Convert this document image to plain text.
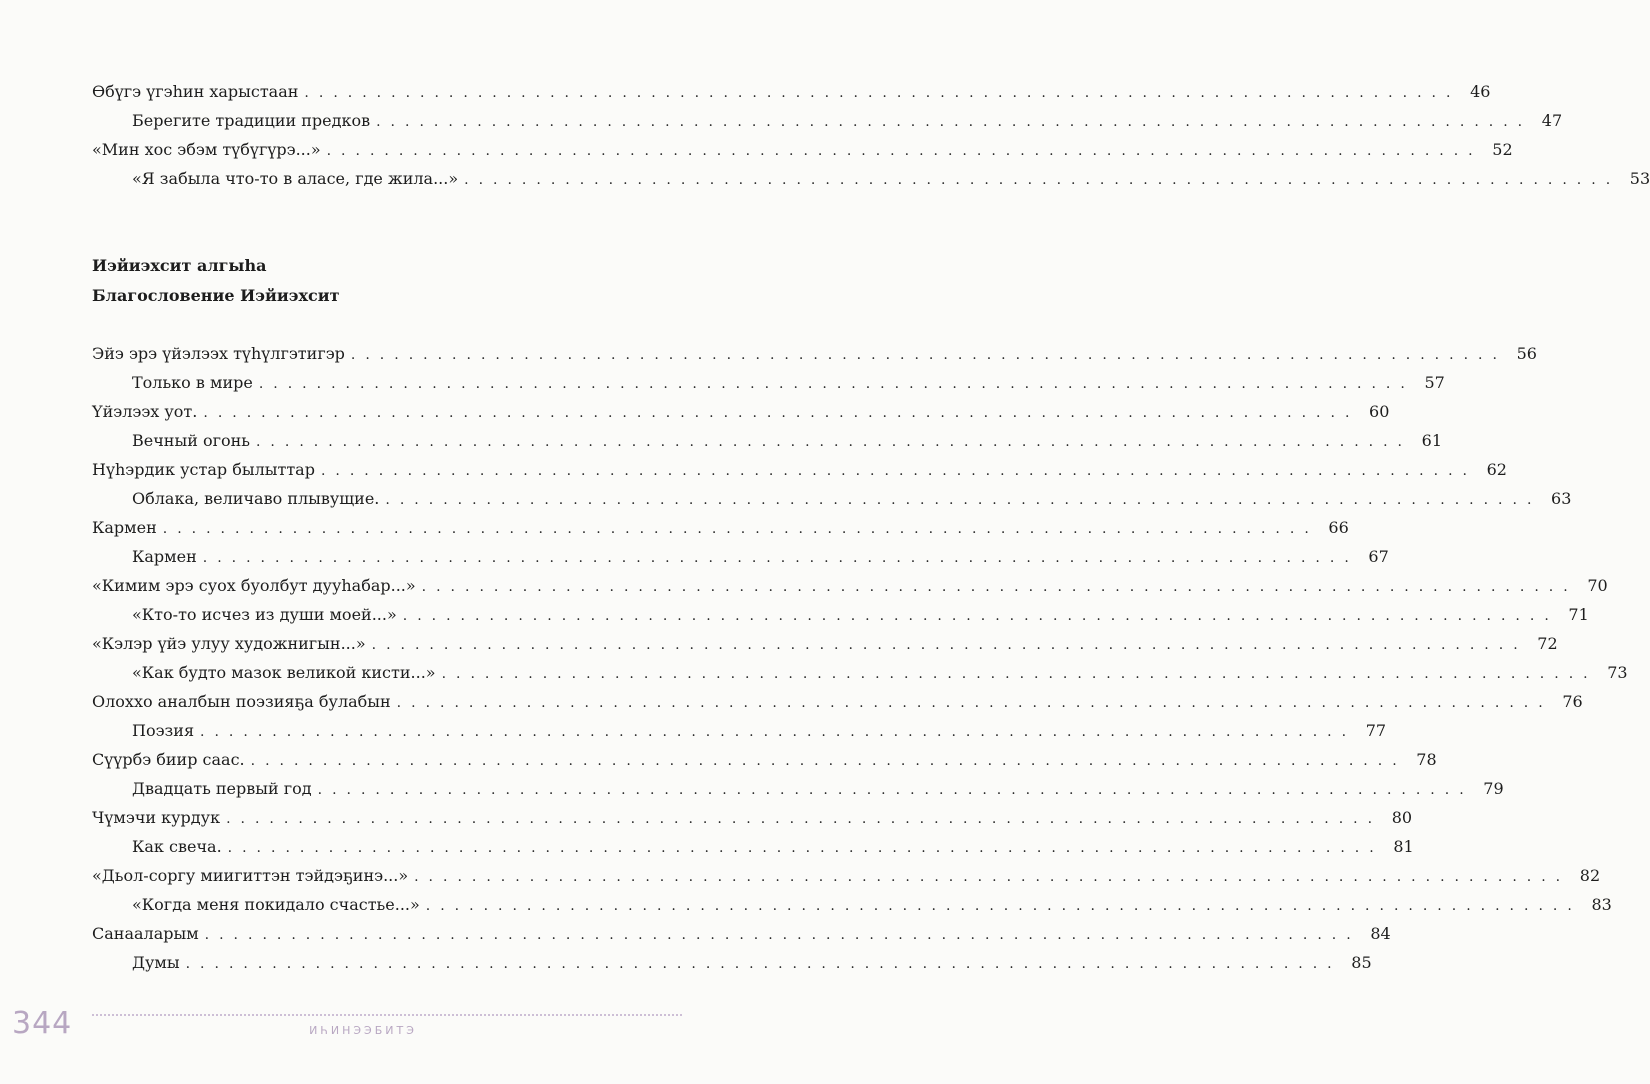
Өбүгэ үгэһин харыстаан ................................................................................ 46
Берегите традиции предков ................................................................................ 47
«Мин хос эбэм түбүгүрэ...» ................................................................................ 52
«Я забыла что-то в аласе, где жила...» ................................................................................ 53
Иэйиэхсит алгыһа
Благословение Иэйиэхсит
Эйэ эрэ үйэлээх түһүлгэтигэр ................................................................................ 56
Только в мире ................................................................................ 57
Үйэлээх уот. ................................................................................ 60
Вечный огонь ................................................................................ 61
Нүһэрдик устар былыттар ................................................................................ 62
Облака, величаво плывущие. ................................................................................ 63
Кармен ................................................................................ 66
Кармен ................................................................................ 67
«Кимим эрэ суох буолбут дууһабар...» ................................................................................ 70
«Кто-то исчез из души моей...» ................................................................................ 71
«Кэлэр үйэ улуу художнигын...» ................................................................................ 72
«Как будто мазок великой кисти...» ................................................................................ 73
Олоххо аналбын поэзияҕа булабын ................................................................................ 76
Поэзия ................................................................................ 77
Сүүрбэ биир саас. ................................................................................ 78
Двадцать первый год ................................................................................ 79
Чүмэчи курдук ................................................................................ 80
Как свеча. ................................................................................ 81
«Дьол-соргу миигиттэн тэйдэҕинэ...» ................................................................................ 82
«Когда меня покидало счастье...» ................................................................................ 83
Санааларым ................................................................................ 84
Думы ................................................................................ 85
344	ИҺИНЭЭБИТЭ
